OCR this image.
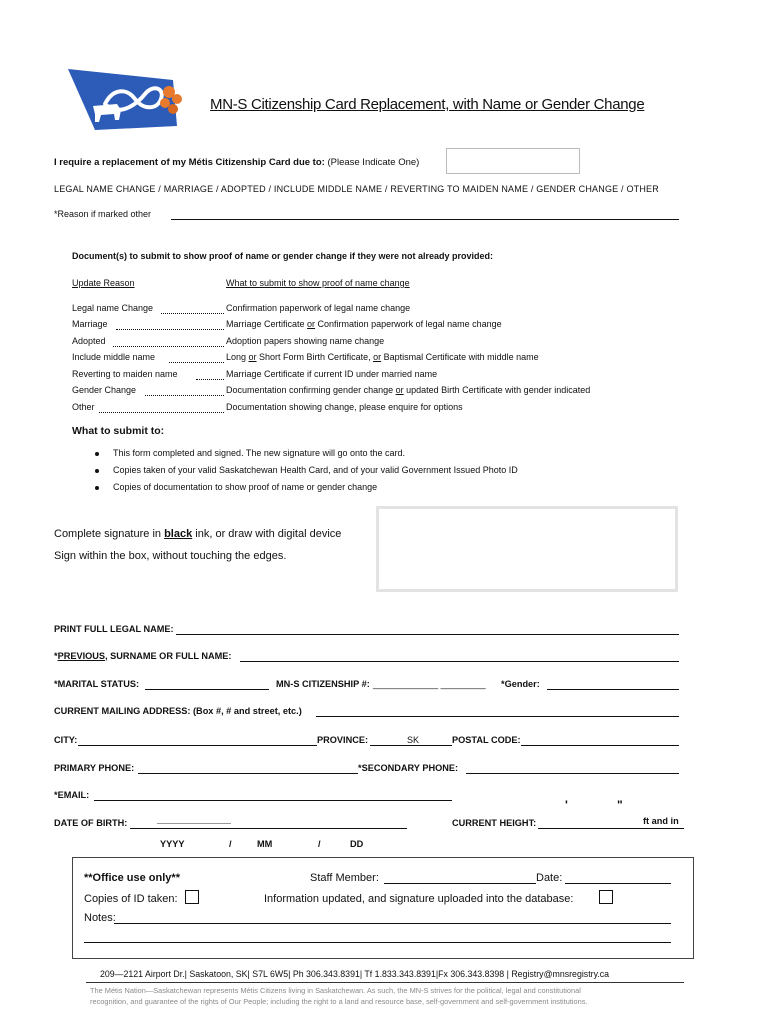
MN-S Citizenship Card Replacement, with Name or Gender Change
I require a replacement of my Métis Citizenship Card due to: (Please Indicate One)
LEGAL NAME CHANGE / MARRIAGE / ADOPTED / INCLUDE MIDDLE NAME / REVERTING TO MAIDEN NAME / GENDER CHANGE / OTHER
*Reason if marked other
Document(s) to submit to show proof of name or gender change if they were not already provided:
Update Reason	What to submit to show proof of name change
Legal name Change	Confirmation paperwork of legal name change
Marriage	Marriage Certificate or Confirmation paperwork of legal name change
Adopted	Adoption papers showing name change
Include middle name	Long or Short Form Birth Certificate, or Baptismal Certificate with middle name
Reverting to maiden name	Marriage Certificate if current ID under married name
Gender Change	Documentation confirming gender change or updated Birth Certificate with gender indicated
Other	Documentation showing change, please enquire for options
What to submit to:
This form completed and signed. The new signature will go onto the card.
Copies taken of your valid Saskatchewan Health Card, and of your valid Government Issued Photo ID
Copies of documentation to show proof of name or gender change
Complete signature in black ink, or draw with digital device
Sign within the box, without touching the edges.
PRINT FULL LEGAL NAME:
*PREVIOUS, SURNAME OR FULL NAME:
*MARITAL STATUS:	MN-S CITIZENSHIP #: _____________ _________ *Gender:
CURRENT MAILING ADDRESS: (Box #, # and street, etc.)
CITY:	PROVINCE:	SK	POSTAL CODE:
PRIMARY PHONE:	*SECONDARY PHONE:
*EMAIL:
'	"
DATE OF BIRTH:	CURRENT HEIGHT:	ft and in
YYYY	/	MM	/	DD
**Office use only**	Staff Member:	Date:
Copies of ID taken:	Information updated, and signature uploaded into the database:
Notes:
209—2121 Airport Dr.| Saskatoon, SK| S7L 6W5| Ph 306.343.8391| Tf 1.833.343.8391|Fx 306.343.8398 | Registry@mnsregistry.ca
The Métis Nation—Saskatchewan represents Métis Citizens living in Saskatchewan. As such, the MN-S strives for the political, legal and constitutional
recognition, and guarantee of the rights of Our People; including the right to a land and resource base, self-government and self-government institutions.
